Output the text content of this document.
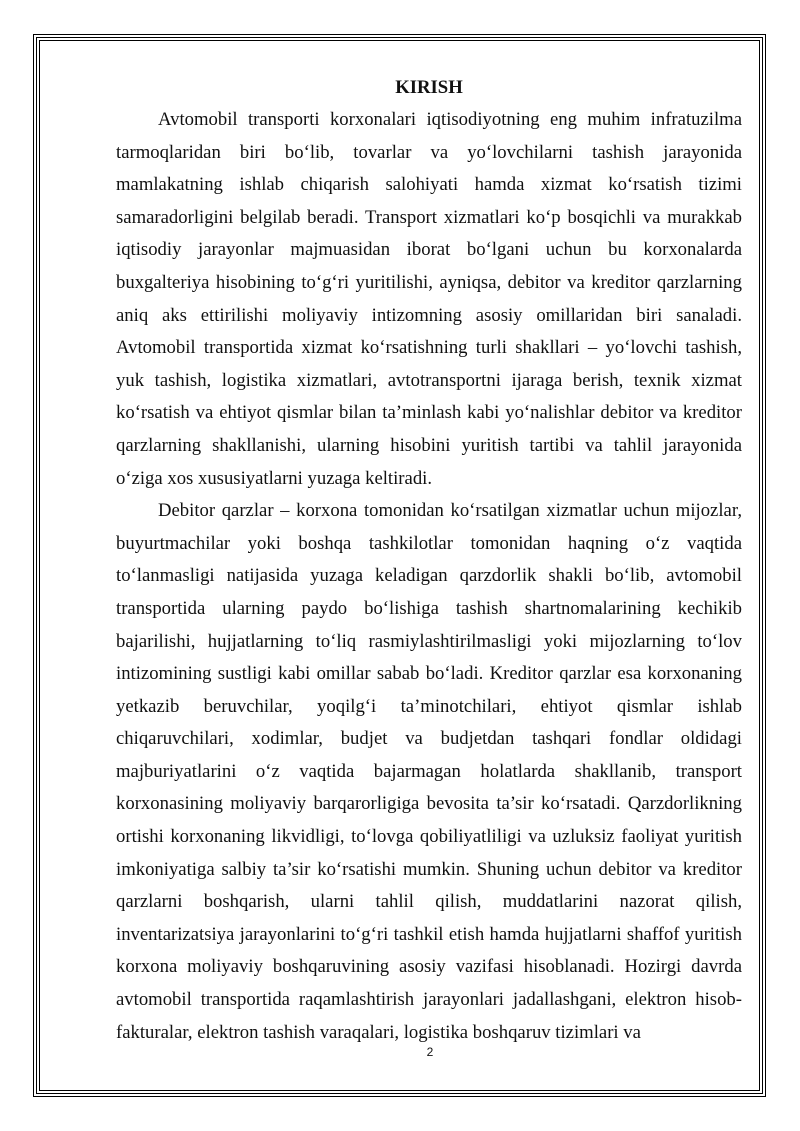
KIRISH

Avtomobil transporti korxonalari iqtisodiyotning eng muhim infratuzilma tarmoqlaridan biri bo‘lib, tovarlar va yo‘lovchilarni tashish jarayonida mamlakatning ishlab chiqarish salohiyati hamda xizmat ko‘rsatish tizimi samaradorligini belgilab beradi. Transport xizmatlari ko‘p bosqichli va murakkab iqtisodiy jarayonlar majmuasidan iborat bo‘lgani uchun bu korxonalarda buxgalteriya hisobining to‘g‘ri yuritilishi, ayniqsa, debitor va kreditor qarzlarning aniq aks ettirilishi moliyaviy intizomning asosiy omillaridan biri sanaladi. Avtomobil transportida xizmat ko‘rsatishning turli shakllari – yo‘lovchi tashish, yuk tashish, logistika xizmatlari, avtotransportni ijaraga berish, texnik xizmat ko‘rsatish va ehtiyot qismlar bilan ta’minlash kabi yo‘nalishlar debitor va kreditor qarzlarning shakllanishi, ularning hisobini yuritish tartibi va tahlil jarayonida o‘ziga xos xususiyatlarni yuzaga keltiradi.

Debitor qarzlar – korxona tomonidan ko‘rsatilgan xizmatlar uchun mijozlar, buyurtmachilar yoki boshqa tashkilotlar tomonidan haqning o‘z vaqtida to‘lanmasligi natijasida yuzaga keladigan qarzdorlik shakli bo‘lib, avtomobil transportida ularning paydo bo‘lishiga tashish shartnomalarining kechikib bajarilishi, hujjatlarning to‘liq rasmiylashtirilmasligi yoki mijozlarning to‘lov intizomining sustligi kabi omillar sabab bo‘ladi. Kreditor qarzlar esa korxonaning yetkazib beruvchilar, yoqilg‘i ta’minotchilari, ehtiyot qismlar ishlab chiqaruvchilari, xodimlar, budjet va budjetdan tashqari fondlar oldidagi majburiyatlarini o‘z vaqtida bajarmagan holatlarda shakllanib, transport korxonasining moliyaviy barqarorligiga bevosita ta’sir ko‘rsatadi. Qarzdorlikning ortishi korxonaning likvidligi, to‘lovga qobiliyatliligi va uzluksiz faoliyat yuritish imkoniyatiga salbiy ta’sir ko‘rsatishi mumkin. Shuning uchun debitor va kreditor qarzlarni boshqarish, ularni tahlil qilish, muddatlarini nazorat qilish, inventarizatsiya jarayonlarini to‘g‘ri tashkil etish hamda hujjatlarni shaffof yuritish korxona moliyaviy boshqaruvining asosiy vazifasi hisoblanadi. Hozirgi davrda avtomobil transportida raqamlashtirish jarayonlari jadallashgani, elektron hisob-fakturalar, elektron tashish varaqalari, logistika boshqaruv tizimlari va

2
